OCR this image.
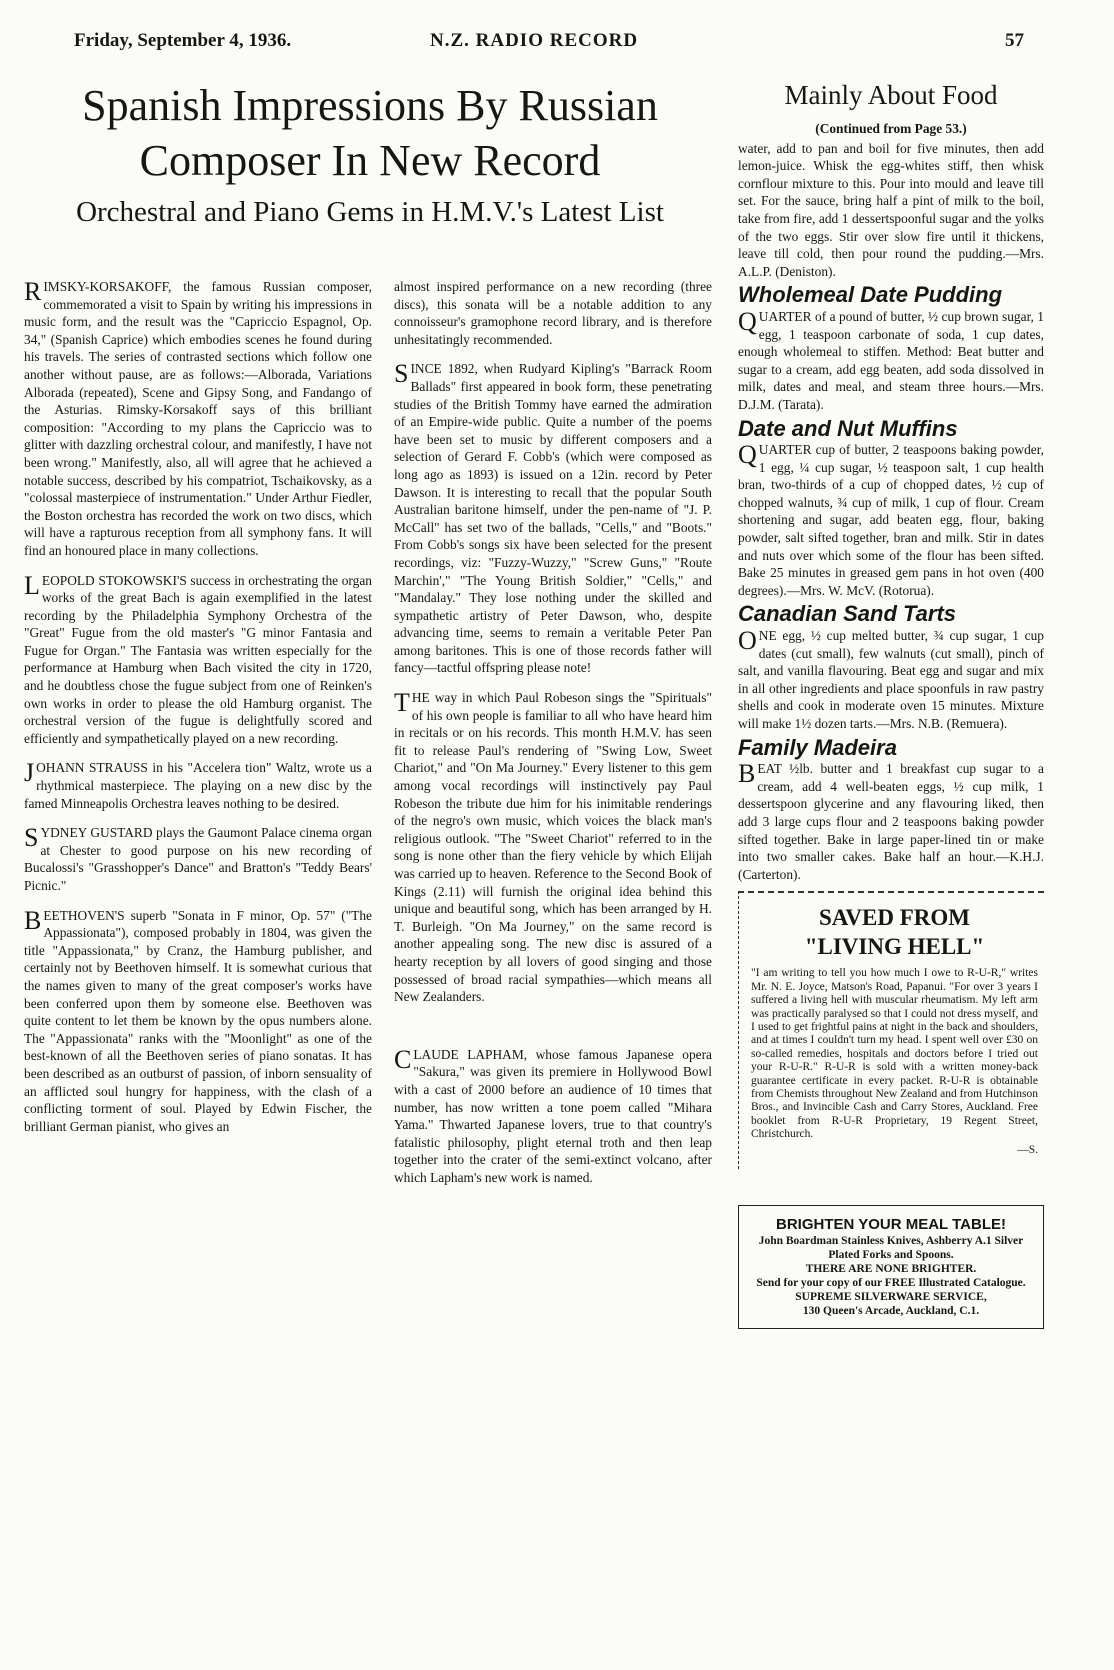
Friday, September 4, 1936.	N.Z. RADIO RECORD	57
Spanish Impressions By Russian Composer In New Record
Orchestral and Piano Gems in H.M.V.'s Latest List

RIMSKY-KORSAKOFF, the famous Russian composer, commemorated a visit to Spain by writing his impressions in music form, and the result was the "Capriccio Espagnol, Op. 34," (Spanish Caprice) which embodies scenes he found during his travels. The series of contrasted sections which follow one another without pause, are as follows:—Alborada, Variations Alborada (repeated), Scene and Gipsy Song, and Fandango of the Asturias. Rimsky-Korsakoff says of this brilliant composition: "According to my plans the Capriccio was to glitter with dazzling orchestral colour, and manifestly, I have not been wrong." Manifestly, also, all will agree that he achieved a notable success, described by his compatriot, Tschaikovsky, as a "colossal masterpiece of instrumentation." Under Arthur Fiedler, the Boston orchestra has recorded the work on two discs, which will have a rapturous reception from all symphony fans. It will find an honoured place in many collections.

LEOPOLD STOKOWSKI'S success in orchestrating the organ works of the great Bach is again exemplified in the latest recording by the Philadelphia Symphony Orchestra of the "Great" Fugue from the old master's "G minor Fantasia and Fugue for Organ." The Fantasia was written especially for the performance at Hamburg when Bach visited the city in 1720, and he doubtless chose the fugue subject from one of Reinken's own works in order to please the old Hamburg organist. The orchestral version of the fugue is delightfully scored and efficiently and sympathetically played on a new recording.

JOHANN STRAUSS in his "Accelera tion" Waltz, wrote us a rhythmical masterpiece. The playing on a new disc by the famed Minneapolis Orchestra leaves nothing to be desired.

SYDNEY GUSTARD plays the Gaumont Palace cinema organ at Chester to good purpose on his new recording of Bucalossi's "Grasshopper's Dance" and Bratton's "Teddy Bears' Picnic."

BEETHOVEN'S superb "Sonata in F minor, Op. 57" ("The Appassionata"), composed probably in 1804, was given the title "Appassionata," by Cranz, the Hamburg publisher, and certainly not by Beethoven himself. It is somewhat curious that the names given to many of the great composer's works have been conferred upon them by someone else. Beethoven was quite content to let them be known by the opus numbers alone. The "Appassionata" ranks with the "Moonlight" as one of the best-known of all the Beethoven series of piano sonatas. It has been described as an outburst of passion, of inborn sensuality of an afflicted soul hungry for happiness, with the clash of a conflicting torment of soul. Played by Edwin Fischer, the brilliant German pianist, who gives an

almost inspired performance on a new recording (three discs), this sonata will be a notable addition to any connoisseur's gramophone record library, and is therefore unhesitatingly recommended.

SINCE 1892, when Rudyard Kipling's "Barrack Room Ballads" first appeared in book form, these penetrating studies of the British Tommy have earned the admiration of an Empire-wide public. Quite a number of the poems have been set to music by different composers and a selection of Gerard F. Cobb's (which were composed as long ago as 1893) is issued on a 12in. record by Peter Dawson. It is interesting to recall that the popular South Australian baritone himself, under the pen-name of "J. P. McCall" has set two of the ballads, "Cells," and "Boots." From Cobb's songs six have been selected for the present recordings, viz: "Fuzzy-Wuzzy," "Screw Guns," "Route Marchin'," "The Young British Soldier," "Cells," and "Mandalay." They lose nothing under the skilled and sympathetic artistry of Peter Dawson, who, despite advancing time, seems to remain a veritable Peter Pan among baritones. This is one of those records father will fancy—tactful offspring please note!

THE way in which Paul Robeson sings the "Spirituals" of his own people is familiar to all who have heard him in recitals or on his records. This month H.M.V. has seen fit to release Paul's rendering of "Swing Low, Sweet Chariot," and "On Ma Journey." Every listener to this gem among vocal recordings will instinctively pay Paul Robeson the tribute due him for his inimitable renderings of the negro's own music, which voices the black man's religious outlook. "The "Sweet Chariot" referred to in the song is none other than the fiery vehicle by which Elijah was carried up to heaven. Reference to the Second Book of Kings (2.11) will furnish the original idea behind this unique and beautiful song, which has been arranged by H. T. Burleigh. "On Ma Journey," on the same record is another appealing song. The new disc is assured of a hearty reception by all lovers of good singing and those possessed of broad racial sympathies—which means all New Zealanders.

CLAUDE LAPHAM, whose famous Japanese opera "Sakura," was given its premiere in Hollywood Bowl with a cast of 2000 before an audience of 10 times that number, has now written a tone poem called "Mihara Yama." Thwarted Japanese lovers, true to that country's fatalistic philosophy, plight eternal troth and then leap together into the crater of the semi-extinct volcano, after which Lapham's new work is named.

Mainly About Food
(Continued from Page 53.)

water, add to pan and boil for five minutes, then add lemon-juice. Whisk the egg-whites stiff, then whisk cornflour mixture to this. Pour into mould and leave till set. For the sauce, bring half a pint of milk to the boil, take from fire, add 1 dessertspoonful sugar and the yolks of the two eggs. Stir over slow fire until it thickens, leave till cold, then pour round the pudding.—Mrs. A.L.P. (Deniston).

Wholemeal Date Pudding

QUARTER of a pound of butter, ½ cup brown sugar, 1 egg, 1 teaspoon carbonate of soda, 1 cup dates, enough wholemeal to stiffen. Method: Beat butter and sugar to a cream, add egg beaten, add soda dissolved in milk, dates and meal, and steam three hours.—Mrs. D.J.M. (Tarata).

Date and Nut Muffins

QUARTER cup of butter, 2 teaspoons baking powder, 1 egg, ¼ cup sugar, ½ teaspoon salt, 1 cup health bran, two-thirds of a cup of chopped dates, ½ cup of chopped walnuts, ¾ cup of milk, 1 cup of flour. Cream shortening and sugar, add beaten egg, flour, baking powder, salt sifted together, bran and milk. Stir in dates and nuts over which some of the flour has been sifted. Bake 25 minutes in greased gem pans in hot oven (400 degrees).—Mrs. W. McV. (Rotorua).

Canadian Sand Tarts

ONE egg, ½ cup melted butter, ¾ cup sugar, 1 cup dates (cut small), few walnuts (cut small), pinch of salt, and vanilla flavouring. Beat egg and sugar and mix in all other ingredients and place spoonfuls in raw pastry shells and cook in moderate oven 15 minutes. Mixture will make 1½ dozen tarts.—Mrs. N.B. (Remuera).

Family Madeira

BEAT ½lb. butter and 1 breakfast cup sugar to a cream, add 4 well-beaten eggs, ½ cup milk, 1 dessertspoon glycerine and any flavouring liked, then add 3 large cups flour and 2 teaspoons baking powder sifted together. Bake in large paper-lined tin or make into two smaller cakes. Bake half an hour.—K.H.J. (Carterton).

SAVED FROM
"LIVING HELL"
"I am writing to tell you how much I owe to R-U-R," writes Mr. N. E. Joyce, Matson's Road, Papanui. "For over 3 years I suffered a living hell with muscular rheumatism. My left arm was practically paralysed so that I could not dress myself, and I used to get frightful pains at night in the back and shoulders, and at times I couldn't turn my head. I spent well over £30 on so-called remedies, hospitals and doctors before I tried out your R-U-R." R-U-R is sold with a written money-back guarantee certificate in every packet. R-U-R is obtainable from Chemists throughout New Zealand and from Hutchinson Bros., and Invincible Cash and Carry Stores, Auckland. Free booklet from R-U-R Proprietary, 19 Regent Street, Christchurch.
—S.
BRIGHTEN YOUR MEAL TABLE!
John Boardman Stainless Knives, Ashberry A.1 Silver Plated Forks and Spoons.
THERE ARE NONE BRIGHTER.
Send for your copy of our FREE Illustrated Catalogue.
SUPREME SILVERWARE SERVICE,
130 Queen's Arcade, Auckland, C.1.
